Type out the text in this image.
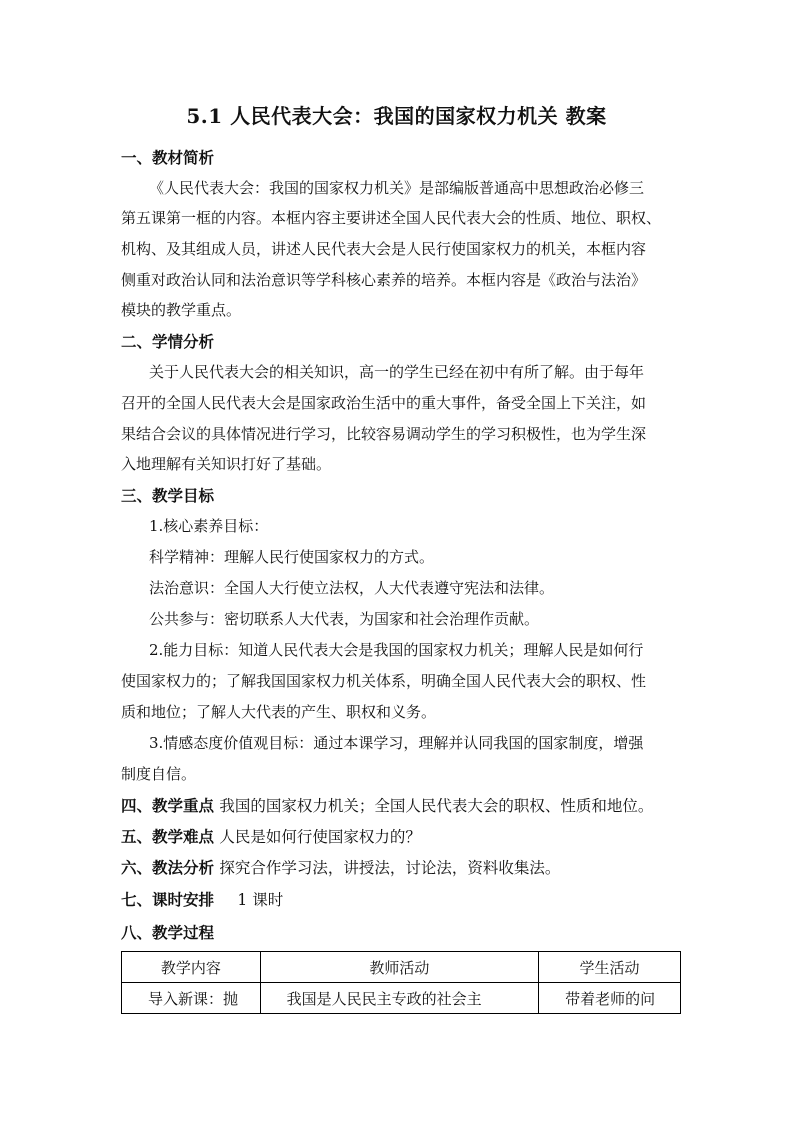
5.1 人民代表大会：我国的国家权力机关 教案
一、教材简析
《人民代表大会：我国的国家权力机关》是部编版普通高中思想政治必修三
第五课第一框的内容。本框内容主要讲述全国人民代表大会的性质、地位、职权、
机构、及其组成人员，讲述人民代表大会是人民行使国家权力的机关，本框内容
侧重对政治认同和法治意识等学科核心素养的培养。本框内容是《政治与法治》
模块的教学重点。
二、学情分析
关于人民代表大会的相关知识，高一的学生已经在初中有所了解。由于每年
召开的全国人民代表大会是国家政治生活中的重大事件，备受全国上下关注，如
果结合会议的具体情况进行学习，比较容易调动学生的学习积极性，也为学生深
入地理解有关知识打好了基础。
三、教学目标
1.核心素养目标：
科学精神：理解人民行使国家权力的方式。
法治意识：全国人大行使立法权，人大代表遵守宪法和法律。
公共参与：密切联系人大代表，为国家和社会治理作贡献。
2.能力目标：知道人民代表大会是我国的国家权力机关；理解人民是如何行
使国家权力的；了解我国国家权力机关体系，明确全国人民代表大会的职权、性
质和地位；了解人大代表的产生、职权和义务。
3.情感态度价值观目标：通过本课学习，理解并认同我国的国家制度，增强
制度自信。
四、教学重点 我国的国家权力机关；全国人民代表大会的职权、性质和地位。
五、教学难点 人民是如何行使国家权力的？
六、教法分析 探究合作学习法，讲授法，讨论法，资料收集法。
七、课时安排 1 课时
八、教学过程
教学内容	教师活动	学生活动
导入新课：抛	我国是人民民主专政的社会主	带着老师的问
